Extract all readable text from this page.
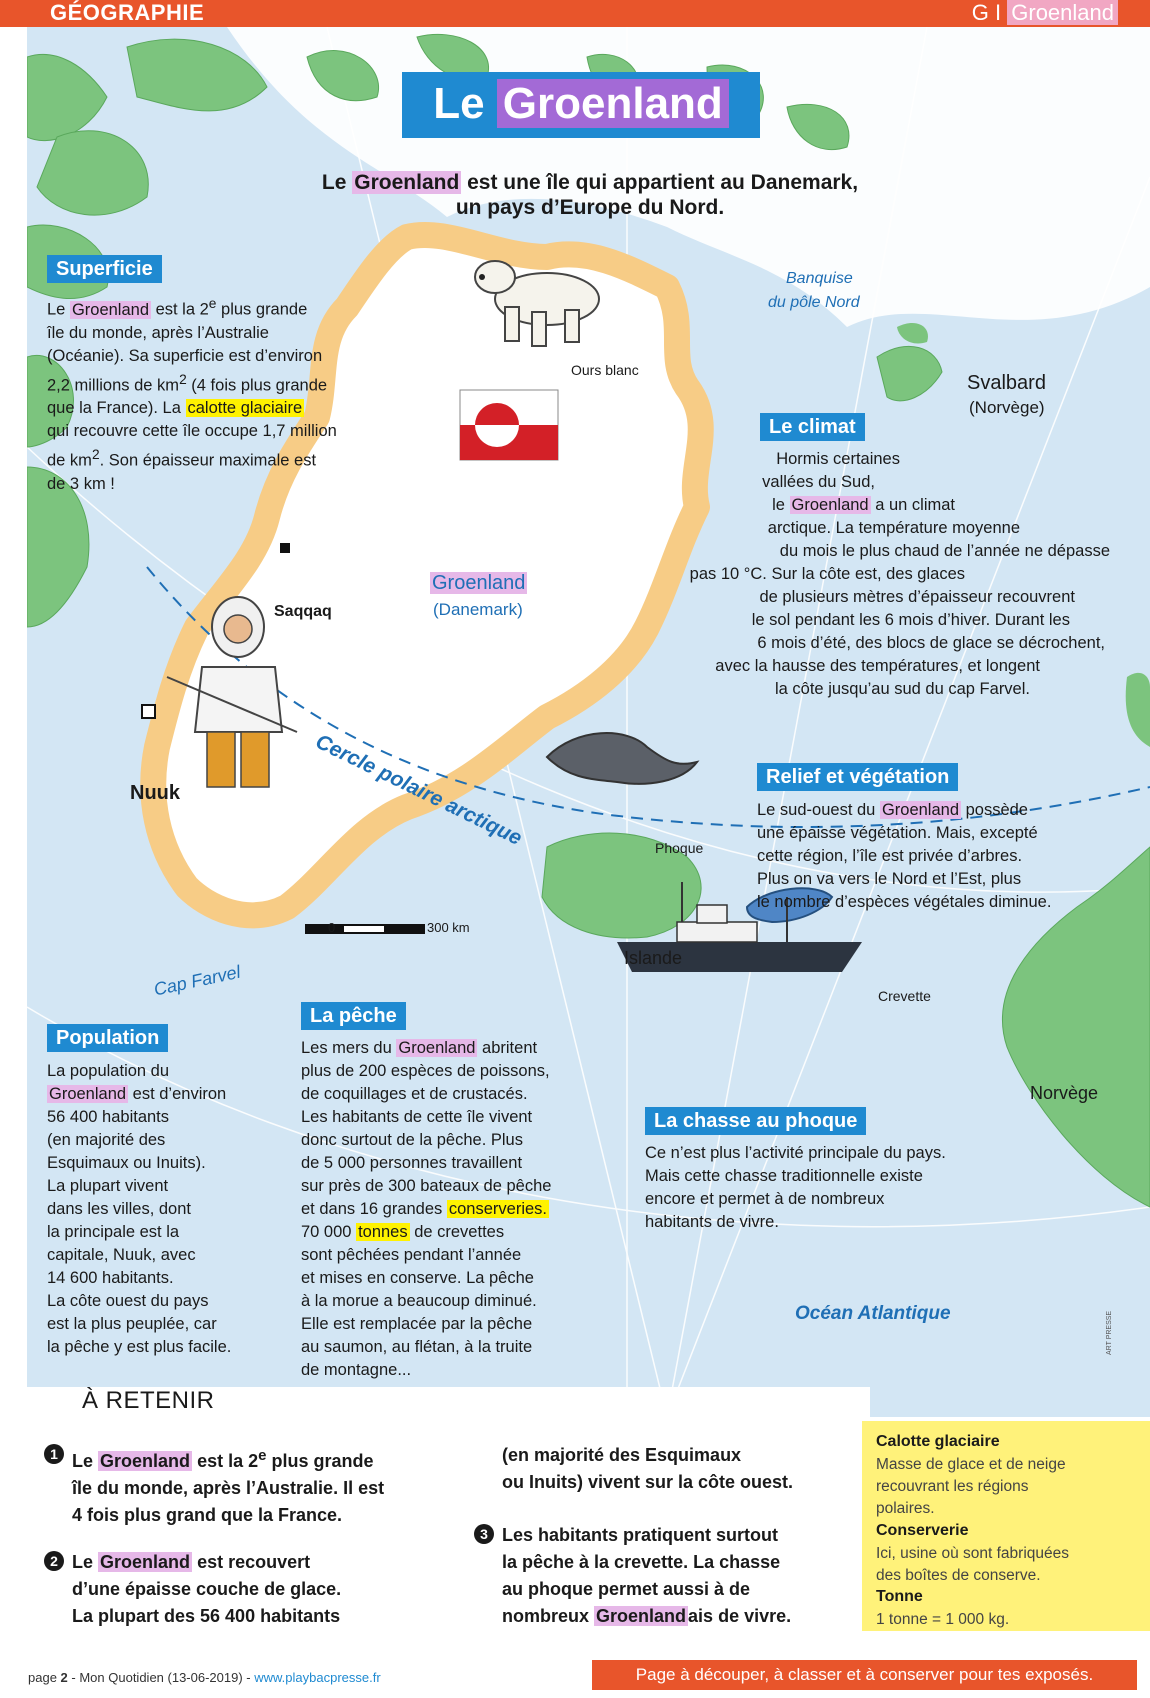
GÉOGRAPHIE	G I Groenland
Le Groenland
Le Groenland est une île qui appartient au Danemark,
un pays d’Europe du Nord.
Banquise
du pôle Nord
Ours blanc
Svalbard
(Norvège)
Groenland
(Danemark)
Saqqaq
Nuuk	Cercle polaire arctique	Phoque
0	300 km
Islande
Crevette
Cap Farvel
Norvège
Océan Atlantique	ART PRESSE
Superficie
Le Groenland est la 2e plus grande
île du monde, après l’Australie
(Océanie). Sa superficie est d’environ
2,2 millions de $km^2$ (4 fois plus grande
que la France). La calotte glaciaire
qui recouvre cette île occupe 1,7 million
de $km^2$. Son épaisseur maximale est
de 3 km !
Le climat
Hormis certaines
vallées du Sud,
le Groenland a un climat
arctique. La température moyenne
du mois le plus chaud de l’année ne dépasse
pas 10 °C. Sur la côte est, des glaces
de plusieurs mètres d’épaisseur recouvrent
le sol pendant les 6 mois d’hiver. Durant les
6 mois d’été, des blocs de glace se décrochent,
avec la hausse des températures, et longent
la côte jusqu’au sud du cap Farvel.
Relief et végétation
Le sud-ouest du Groenland possède
une épaisse végétation. Mais, excepté
cette région, l’île est privée d’arbres.
Plus on va vers le Nord et l’Est, plus
le nombre d’espèces végétales diminue.
Population
La population du
Groenland est d’environ
56 400 habitants
(en majorité des
Esquimaux ou Inuits).
La plupart vivent
dans les villes, dont
la principale est la
capitale, Nuuk, avec
14 600 habitants.
La côte ouest du pays
est la plus peuplée, car
la pêche y est plus facile.
La pêche
Les mers du Groenland abritent
plus de 200 espèces de poissons,
de coquillages et de crustacés.
Les habitants de cette île vivent
donc surtout de la pêche. Plus
de 5 000 personnes travaillent
sur près de 300 bateaux de pêche
et dans 16 grandes conserveries.
70 000 tonnes de crevettes
sont pêchées pendant l’année
et mises en conserve. La pêche
à la morue a beaucoup diminué.
Elle est remplacée par la pêche
au saumon, au flétan, à la truite
de montagne...
La chasse au phoque
Ce n’est plus l’activité principale du pays.
Mais cette chasse traditionnelle existe
encore et permet à de nombreux
habitants de vivre.
À RETENIR
1 Le Groenland est la 2e plus grande
île du monde, après l’Australie. Il est
4 fois plus grand que la France.
2 Le Groenland est recouvert
d’une épaisse couche de glace.
La plupart des 56 400 habitants
(en majorité des Esquimaux
ou Inuits) vivent sur la côte ouest.
3 Les habitants pratiquent surtout
la pêche à la crevette. La chasse
au phoque permet aussi à de
nombreux Groenland ais de vivre.
Calotte glaciaire
Masse de glace et de neige
recouvrant les régions
polaires.
Conserverie
Ici, usine où sont fabriquées
des boîtes de conserve.
Tonne
1 tonne = 1 000 kg.
page 2 - Mon Quotidien (13-06-2019) - www.playbacpresse.fr	Page à découper, à classer et à conserver pour tes exposés.
